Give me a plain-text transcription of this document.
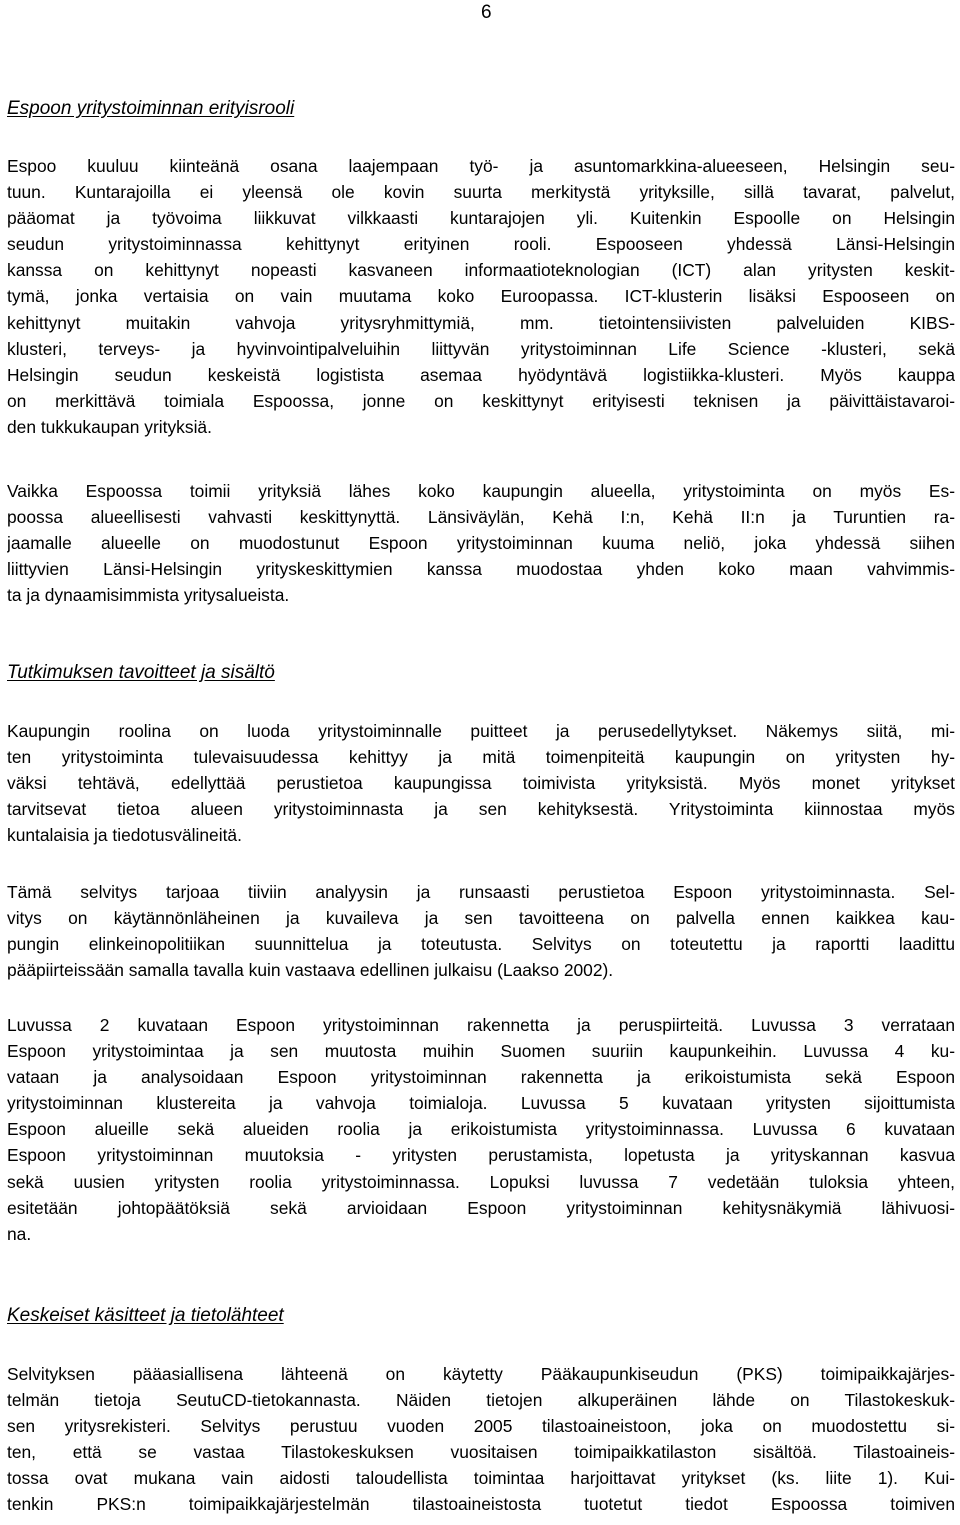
6
Espoon yritystoiminnan erityisrooli
Espoo kuuluu kiinteänä osana laajempaan työ- ja asuntomarkkina-alueeseen, Helsingin seu-
tuun. Kuntarajoilla ei yleensä ole kovin suurta merkitystä yrityksille, sillä tavarat, palvelut,
pääomat ja työvoima liikkuvat vilkkaasti kuntarajojen yli. Kuitenkin Espoolle on Helsingin
seudun yritystoiminnassa kehittynyt erityinen rooli. Espooseen yhdessä Länsi-Helsingin
kanssa on kehittynyt nopeasti kasvaneen informaatioteknologian (ICT) alan yritysten keskit-
tymä, jonka vertaisia on vain muutama koko Euroopassa. ICT-klusterin lisäksi Espooseen on
kehittynyt muitakin vahvoja yritysryhmittymiä, mm. tietointensiivisten palveluiden KIBS-
klusteri, terveys- ja hyvinvointipalveluihin liittyvän yritystoiminnan Life Science -klusteri, sekä
Helsingin seudun keskeistä logistista asemaa hyödyntävä logistiikka-klusteri. Myös kauppa
on merkittävä toimiala Espoossa, jonne on keskittynyt erityisesti teknisen ja päivittäistavaroi-
den tukkukaupan yrityksiä.
Vaikka Espoossa toimii yrityksiä lähes koko kaupungin alueella, yritystoiminta on myös Es-
poossa alueellisesti vahvasti keskittynyttä. Länsiväylän, Kehä I:n, Kehä II:n ja Turuntien ra-
jaamalle alueelle on muodostunut Espoon yritystoiminnan kuuma neliö, joka yhdessä siihen
liittyvien Länsi-Helsingin yrityskeskittymien kanssa muodostaa yhden koko maan vahvimmis-
ta ja dynaamisimmista yritysalueista.
Tutkimuksen tavoitteet ja sisältö
Kaupungin roolina on luoda yritystoiminnalle puitteet ja perusedellytykset. Näkemys siitä, mi-
ten yritystoiminta tulevaisuudessa kehittyy ja mitä toimenpiteitä kaupungin on yritysten hy-
väksi tehtävä, edellyttää perustietoa kaupungissa toimivista yrityksistä. Myös monet yritykset
tarvitsevat tietoa alueen yritystoiminnasta ja sen kehityksestä. Yritystoiminta kiinnostaa myös
kuntalaisia ja tiedotusvälineitä.
Tämä selvitys tarjoaa tiiviin analyysin ja runsaasti perustietoa Espoon yritystoiminnasta. Sel-
vitys on käytännönläheinen ja kuvaileva ja sen tavoitteena on palvella ennen kaikkea kau-
pungin elinkeinopolitiikan suunnittelua ja toteutusta. Selvitys on toteutettu ja raportti laadittu
pääpiirteissään samalla tavalla kuin vastaava edellinen julkaisu (Laakso 2002).
Luvussa 2 kuvataan Espoon yritystoiminnan rakennetta ja peruspiirteitä. Luvussa 3 verrataan
Espoon yritystoimintaa ja sen muutosta muihin Suomen suuriin kaupunkeihin. Luvussa 4 ku-
vataan ja analysoidaan Espoon yritystoiminnan rakennetta ja erikoistumista sekä Espoon
yritystoiminnan klustereita ja vahvoja toimialoja. Luvussa 5 kuvataan yritysten sijoittumista
Espoon alueille sekä alueiden roolia ja erikoistumista yritystoiminnassa. Luvussa 6 kuvataan
Espoon yritystoiminnan muutoksia - yritysten perustamista, lopetusta ja yrityskannan kasvua
sekä uusien yritysten roolia yritystoiminnassa. Lopuksi luvussa 7 vedetään tuloksia yhteen,
esitetään johtopäätöksiä sekä arvioidaan Espoon yritystoiminnan kehitysnäkymiä lähivuosi-
na.
Keskeiset käsitteet ja tietolähteet
Selvityksen pääasiallisena lähteenä on käytetty Pääkaupunkiseudun (PKS) toimipaikkajärjes-
telmän tietoja SeutuCD-tietokannasta. Näiden tietojen alkuperäinen lähde on Tilastokeskuk-
sen yritysrekisteri. Selvitys perustuu vuoden 2005 tilastoaineistoon, joka on muodostettu si-
ten, että se vastaa Tilastokeskuksen vuositaisen toimipaikkatilaston sisältöä. Tilastoaineis-
tossa ovat mukana vain aidosti taloudellista toimintaa harjoittavat yritykset (ks. liite 1). Kui-
tenkin PKS:n toimipaikkajärjestelmän tilastoaineistosta tuotetut tiedot Espoossa toimiven
